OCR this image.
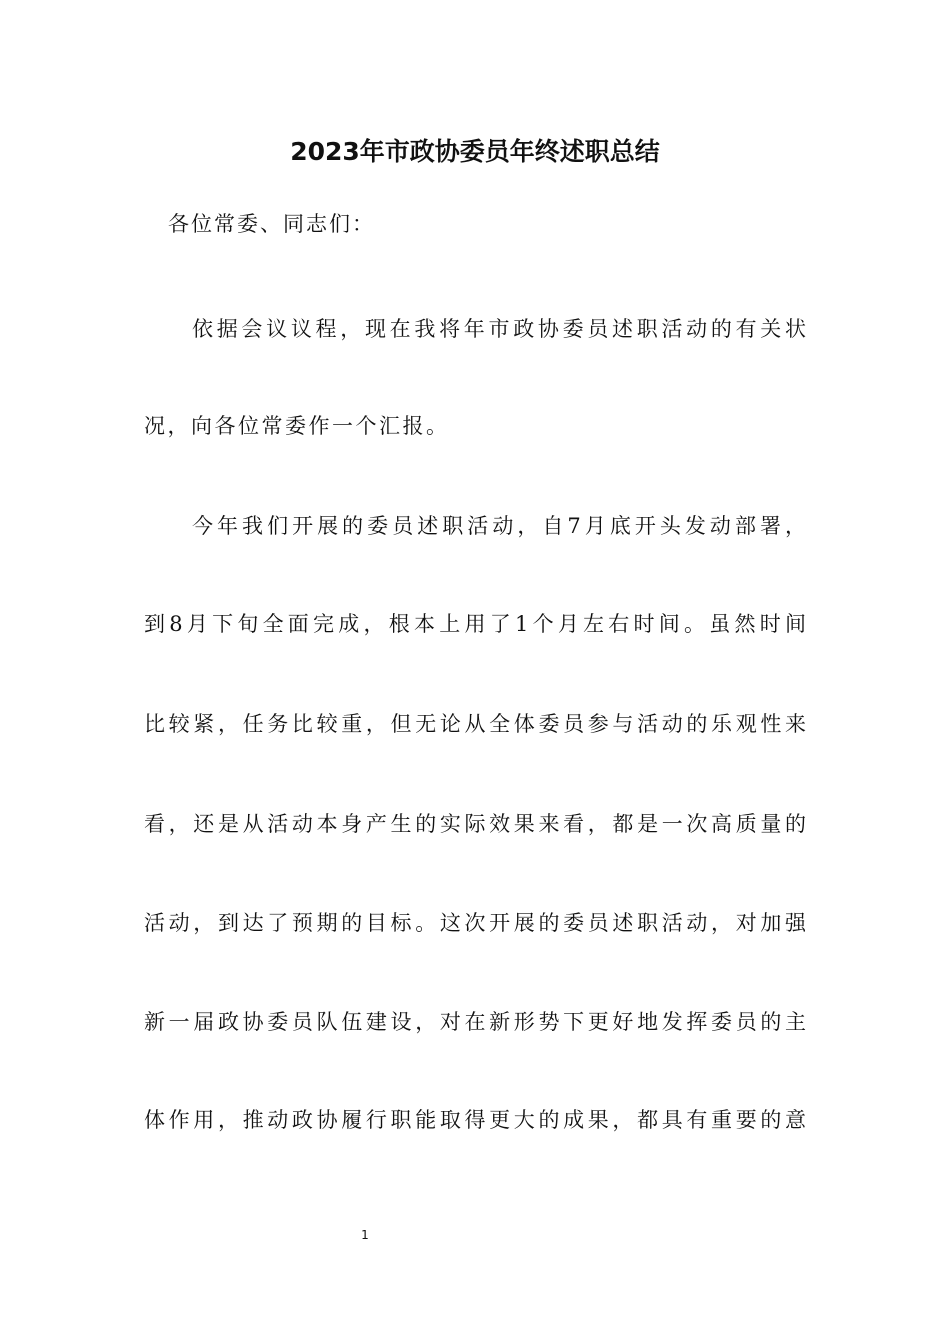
2023年市政协委员年终述职总结

各位常委、同志们：

依据会议议程，现在我将年市政协委员述职活动的有关状

况，向各位常委作一个汇报。

今年我们开展的委员述职活动，自7月底开头发动部署，

到8月下旬全面完成，根本上用了1个月左右时间。虽然时间

比较紧，任务比较重，但无论从全体委员参与活动的乐观性来

看，还是从活动本身产生的实际效果来看，都是一次高质量的

活动，到达了预期的目标。这次开展的委员述职活动，对加强

新一届政协委员队伍建设，对在新形势下更好地发挥委员的主

体作用，推动政协履行职能取得更大的成果，都具有重要的意

1
